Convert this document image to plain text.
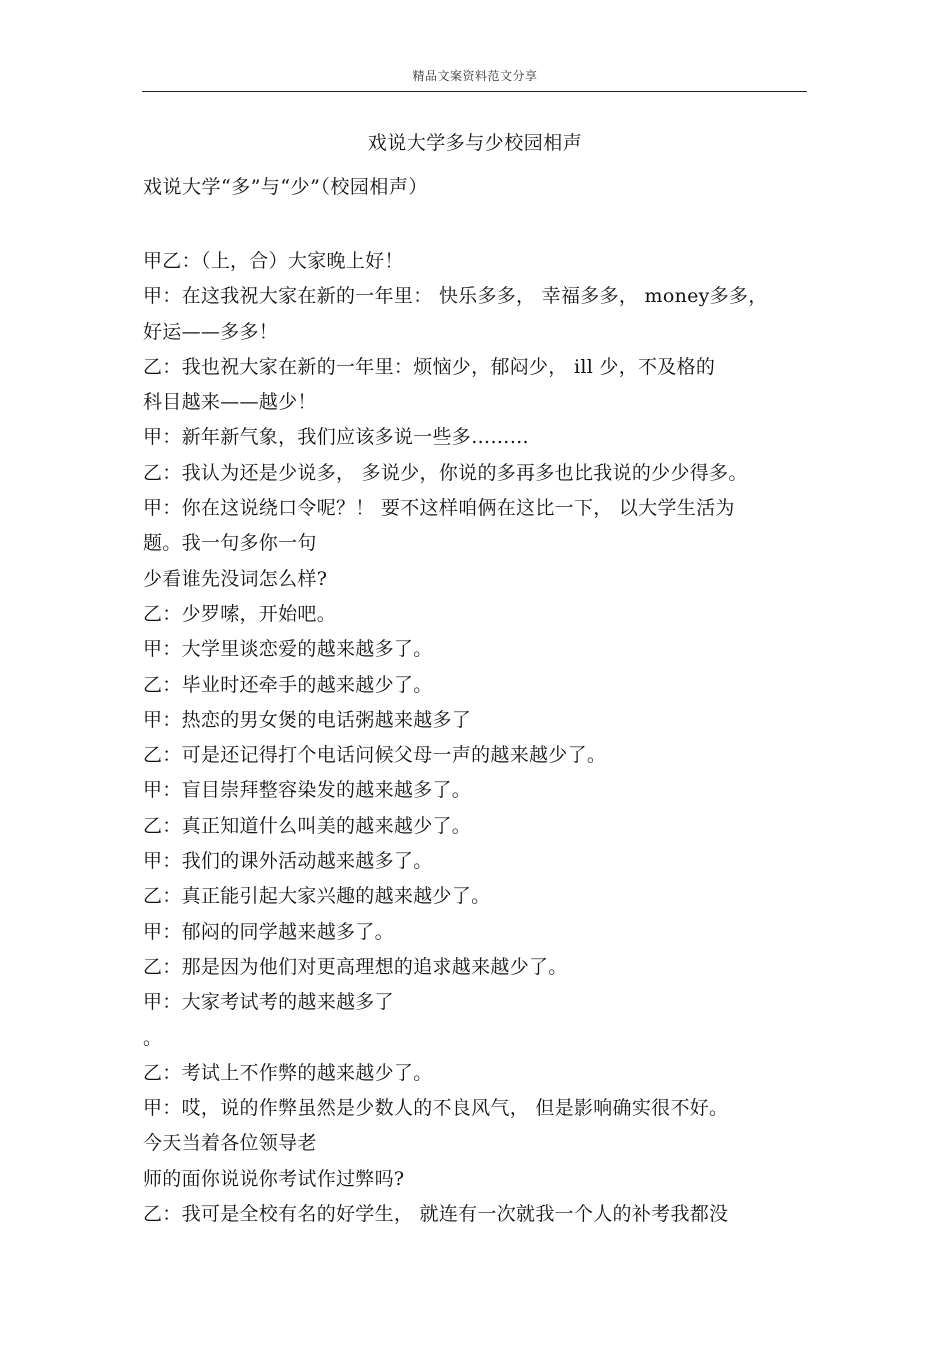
精品文案资料范文分享
戏说大学多与少校园相声
戏说大学“多”与“少”（校园相声）
甲乙：（上，合）大家晚上好！
甲：在这我祝大家在新的一年里： 快乐多多， 幸福多多， money多多，
好运——多多！
乙：我也祝大家在新的一年里：烦恼少，郁闷少， ill 少，不及格的
科目越来——越少！
甲：新年新气象，我们应该多说一些多………
乙：我认为还是少说多， 多说少，你说的多再多也比我说的少少得多。
甲：你在这说绕口令呢？！ 要不这样咱俩在这比一下， 以大学生活为
题。我一句多你一句
少看谁先没词怎么样?
乙：少罗嗦，开始吧。
甲：大学里谈恋爱的越来越多了。
乙：毕业时还牵手的越来越少了。
甲：热恋的男女煲的电话粥越来越多了
乙：可是还记得打个电话问候父母一声的越来越少了。
甲：盲目崇拜整容染发的越来越多了。
乙：真正知道什么叫美的越来越少了。
甲：我们的课外活动越来越多了。
乙：真正能引起大家兴趣的越来越少了。
甲：郁闷的同学越来越多了。
乙：那是因为他们对更高理想的追求越来越少了。
甲：大家考试考的越来越多了
。
乙：考试上不作弊的越来越少了。
甲：哎，说的作弊虽然是少数人的不良风气， 但是影响确实很不好。
今天当着各位领导老
师的面你说说你考试作过弊吗?
乙：我可是全校有名的好学生， 就连有一次就我一个人的补考我都没
